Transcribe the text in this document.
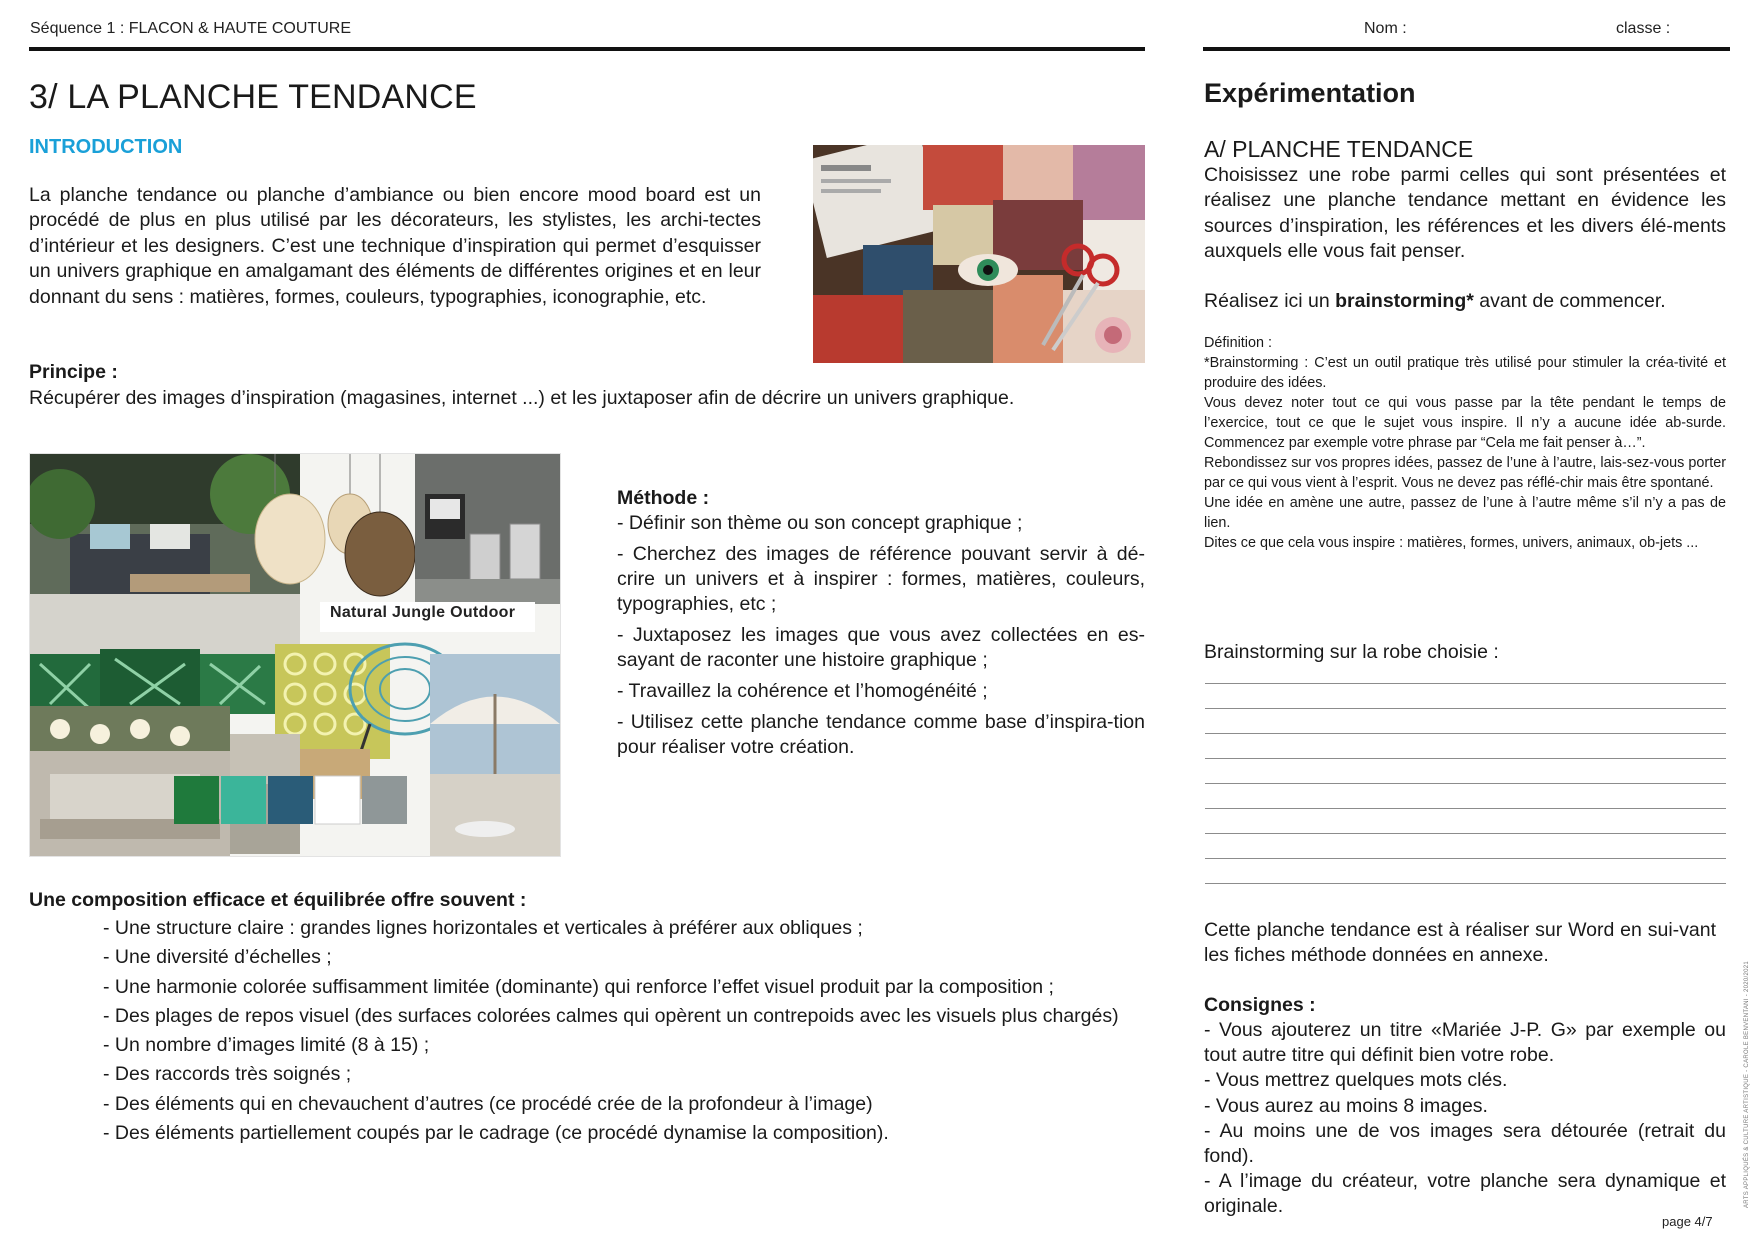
Séquence 1 : FLACON & HAUTE COUTURE	Nom :	classe :
3/ LA PLANCHE TENDANCE
INTRODUCTION
La planche tendance ou planche d’ambiance ou bien encore mood board est un procédé de plus en plus utilisé par les décorateurs, les stylistes, les archi-tectes d’intérieur et les designers. C’est une technique d’inspiration qui permet d’esquisser un univers graphique en amalgamant des éléments de différentes origines et en leur donnant du sens : matières, formes, couleurs, typographies, iconographie, etc.
Principe :
Récupérer des images d’inspiration (magasines, internet ...) et les juxtaposer afin de décrire un univers graphique.
Natural Jungle Outdoor
Méthode :
- Définir son thème ou son concept graphique ;
- Cherchez des images de référence pouvant servir à dé-crire un univers et à inspirer : formes, matières, couleurs, typographies, etc ;
- Juxtaposez les images que vous avez collectées en es-sayant de raconter une histoire graphique ;
- Travaillez la cohérence et l’homogénéité ;
- Utilisez cette planche tendance comme base d’inspira-tion pour réaliser votre création.
Une composition efficace et équilibrée offre souvent :
- Une structure claire : grandes lignes horizontales et verticales à préférer aux obliques ;
- Une diversité d’échelles ;
- Une harmonie colorée suffisamment limitée (dominante) qui renforce l’effet visuel produit par la composition ;
- Des plages de repos visuel (des surfaces colorées calmes qui opèrent un contrepoids avec les visuels plus chargés)
- Un nombre d’images limité (8 à 15) ;
- Des raccords très soignés ;
- Des éléments qui en chevauchent d’autres (ce procédé crée de la profondeur à l’image)
- Des éléments partiellement coupés par le cadrage (ce procédé dynamise la composition).
Expérimentation
A/ PLANCHE TENDANCE
Choisissez une robe parmi celles qui sont présentées et réalisez une planche tendance mettant en évidence les sources d’inspiration, les références et les divers élé-ments auxquels elle vous fait penser.
Réalisez ici un brainstorming* avant de commencer.
Définition :
*Brainstorming : C’est un outil pratique très utilisé pour stimuler la créa-tivité et produire des idées.
Vous devez noter tout ce qui vous passe par la tête pendant le temps de l’exercice, tout ce que le sujet vous inspire. Il n’y a aucune idée ab-surde. Commencez par exemple votre phrase par “Cela me fait penser à…”.
Rebondissez sur vos propres idées, passez de l’une à l’autre, lais-sez-vous porter par ce qui vous vient à l’esprit. Vous ne devez pas réflé-chir mais être spontané.
Une idée en amène une autre, passez de l’une à l’autre même s’il n’y a pas de lien.
Dites ce que cela vous inspire : matières, formes, univers, animaux, ob-jets ...
Brainstorming sur la robe choisie :
Cette planche tendance est à réaliser sur Word en sui-vant les fiches méthode données en annexe.
Consignes :
- Vous ajouterez un titre «Mariée J-P. G» par exemple ou tout autre titre qui définit bien votre robe.
- Vous mettrez quelques mots clés.
- Vous aurez au moins 8 images.
- Au moins une de vos images sera détourée (retrait du fond).
- A l’image du créateur, votre planche sera dynamique et originale.	ARTS APPLIQUÉS & CULTURE ARTISTIQUE - CAROLE BENVENTANI - 2020/2021
page 4/7
